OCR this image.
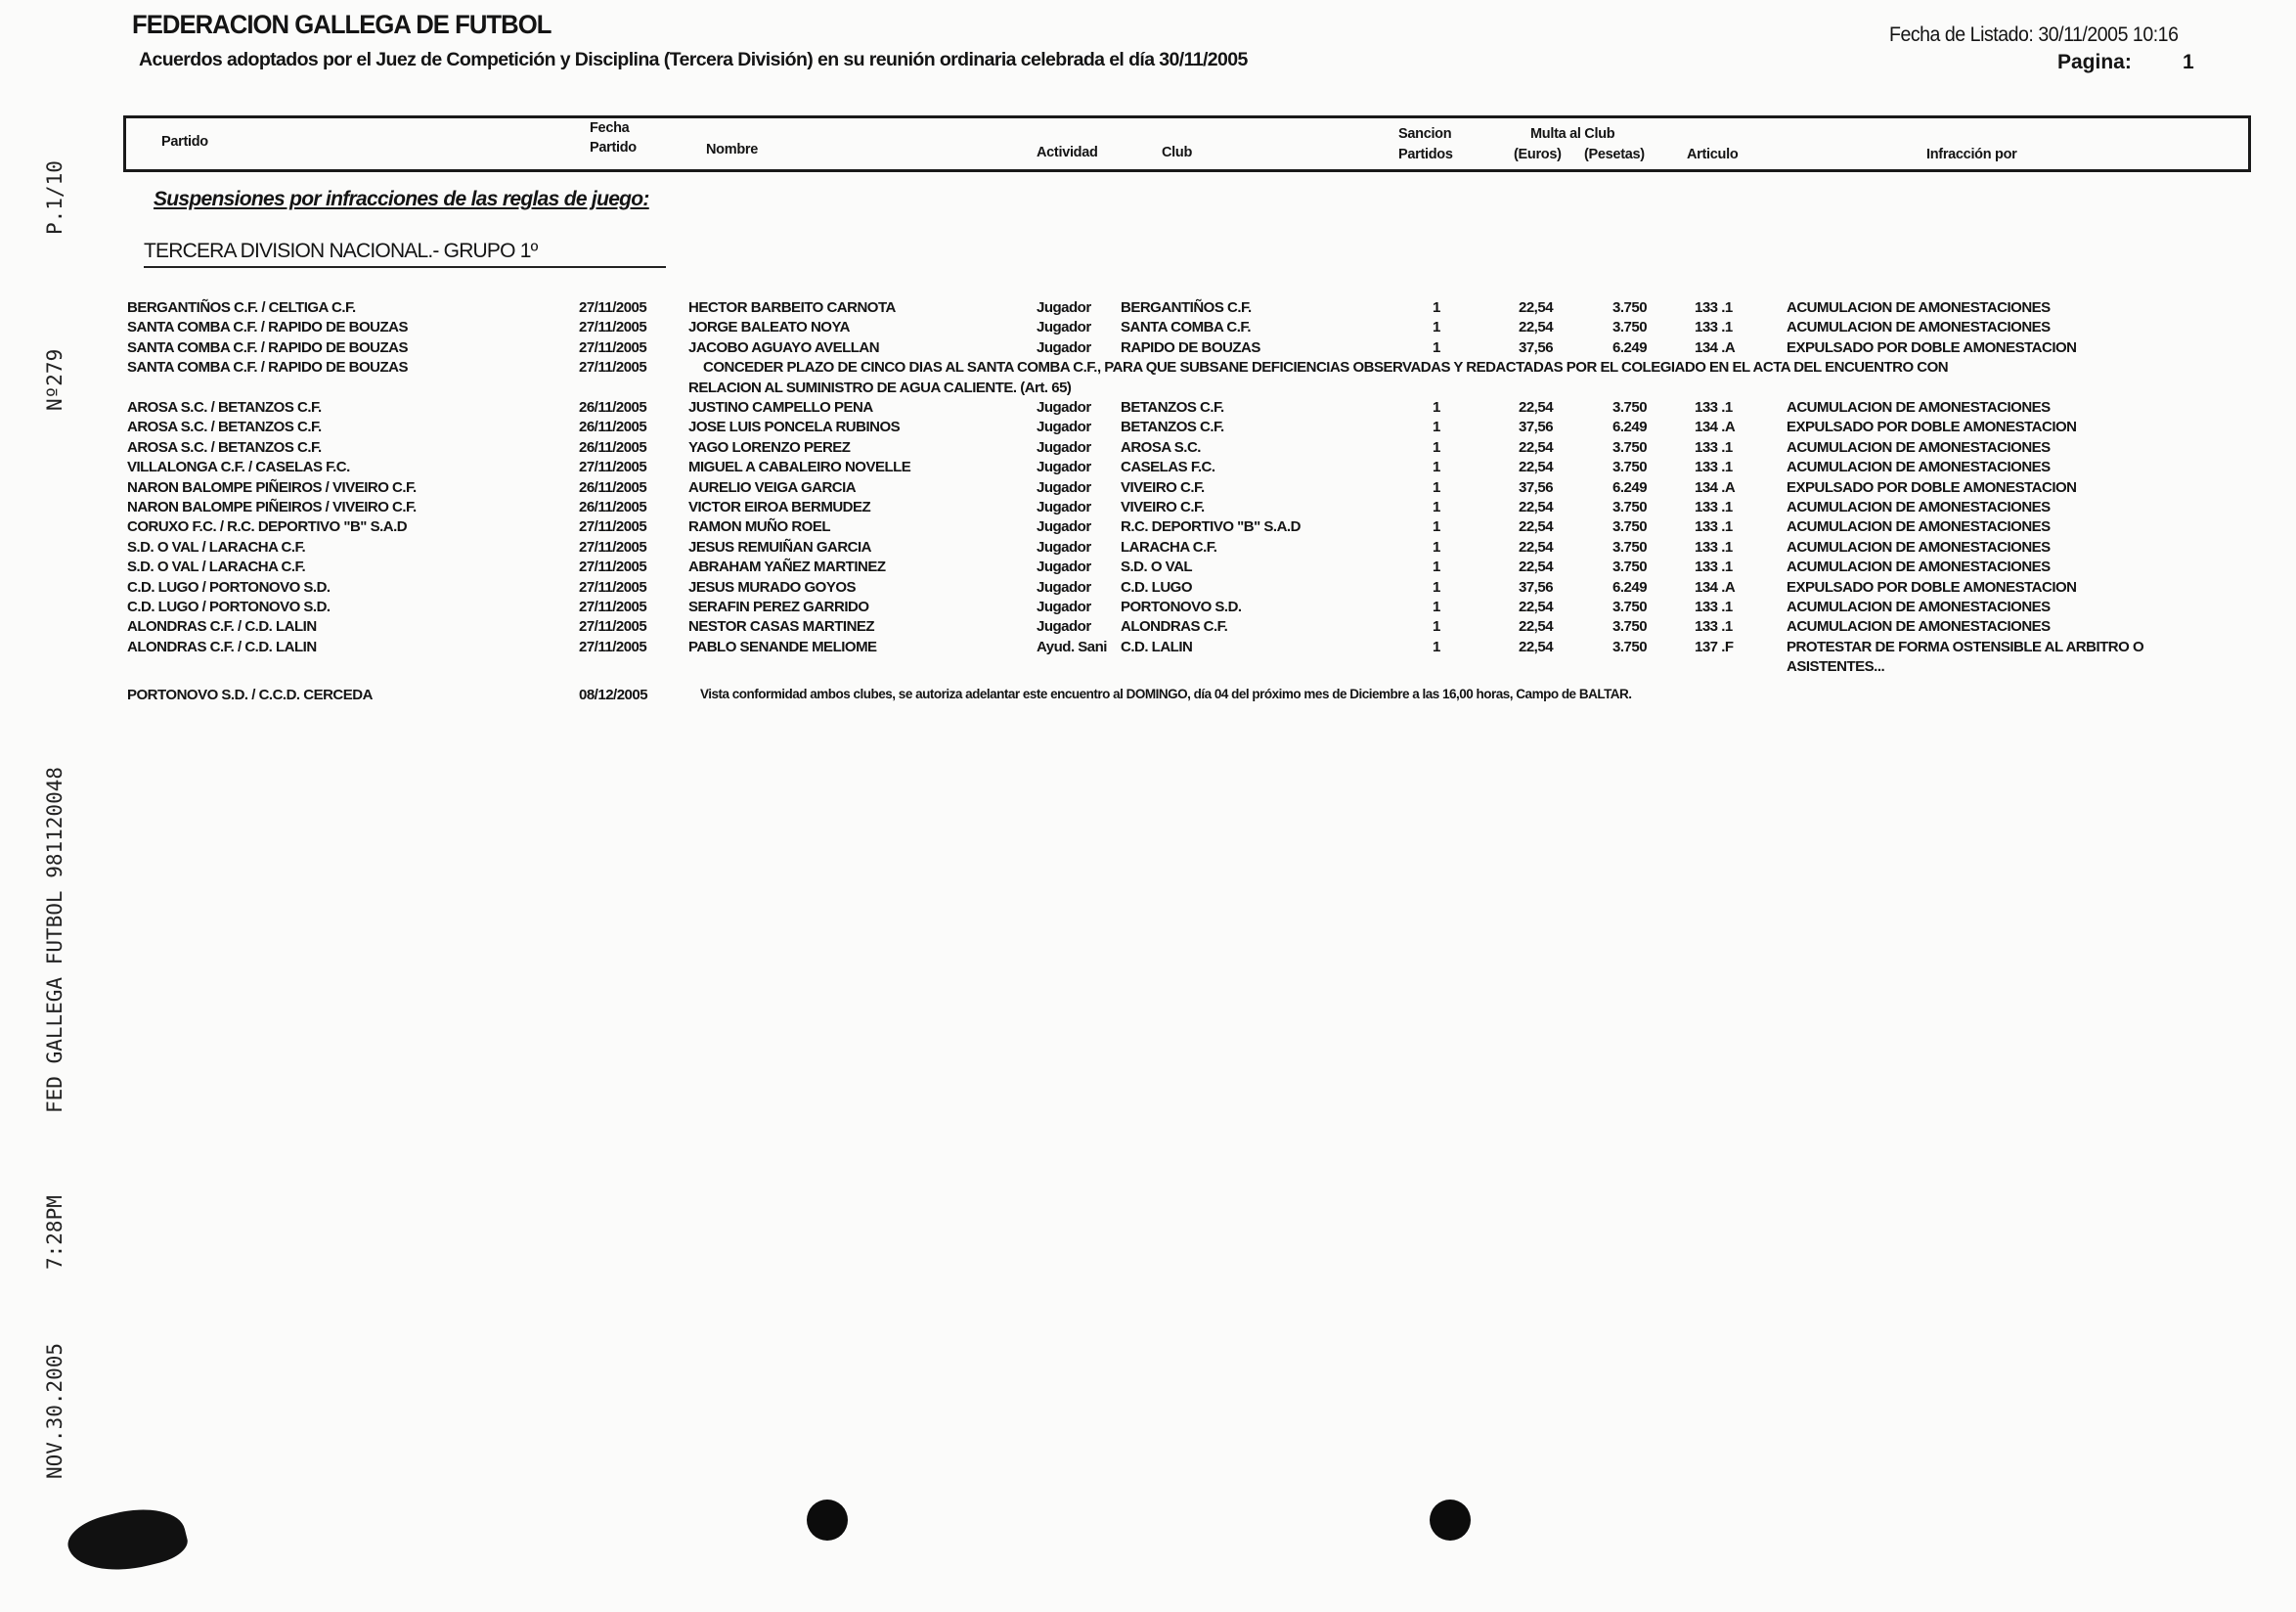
FEDERACION GALLEGA DE FUTBOL
Acuerdos adoptados por el Juez de Competición y Disciplina (Tercera División) en su reunión ordinaria celebrada el día 30/11/2005
Fecha de Listado: 30/11/2005 10:16
Pagina: 1
Partido
Fecha
Partido	Nombre	Actividad	Club
Sancion
Partidos
Multa al Club
(Euros) (Pesetas)	Articulo	Infracción por
Suspensiones por infracciones de las reglas de juego:
TERCERA DIVISION NACIONAL.- GRUPO 1º
BERGANTIÑOS C.F. / CELTIGA C.F.	27/11/2005	HECTOR BARBEITO CARNOTA	Jugador BERGANTIÑOS C.F.	1	22,54	3.750	133 .1	ACUMULACION DE AMONESTACIONES
SANTA COMBA C.F. / RAPIDO DE BOUZAS	27/11/2005	JORGE BALEATO NOYA	Jugador SANTA COMBA C.F.	1	22,54	3.750	133 .1	ACUMULACION DE AMONESTACIONES
SANTA COMBA C.F. / RAPIDO DE BOUZAS	27/11/2005	JACOBO AGUAYO AVELLAN	Jugador RAPIDO DE BOUZAS	1	37,56	6.249	134 .A	EXPULSADO POR DOBLE AMONESTACION
SANTA COMBA C.F. / RAPIDO DE BOUZAS	27/11/2005	CONCEDER PLAZO DE CINCO DIAS AL SANTA COMBA C.F., PARA QUE SUBSANE DEFICIENCIAS OBSERVADAS Y REDACTADAS POR EL COLEGIADO EN EL ACTA DEL ENCUENTRO CON
RELACION AL SUMINISTRO DE AGUA CALIENTE. (Art. 65)
AROSA S.C. / BETANZOS C.F.	26/11/2005	JUSTINO CAMPELLO PENA	Jugador BETANZOS C.F.	1	22,54	3.750	133 .1	ACUMULACION DE AMONESTACIONES
AROSA S.C. / BETANZOS C.F.	26/11/2005	JOSE LUIS PONCELA RUBINOS	Jugador BETANZOS C.F.	1	37,56	6.249	134 .A	EXPULSADO POR DOBLE AMONESTACION
AROSA S.C. / BETANZOS C.F.	26/11/2005	YAGO LORENZO PEREZ	Jugador AROSA S.C.	1	22,54	3.750	133 .1	ACUMULACION DE AMONESTACIONES
VILLALONGA C.F. / CASELAS F.C.	27/11/2005	MIGUEL A CABALEIRO NOVELLE	Jugador CASELAS F.C.	1	22,54	3.750	133 .1	ACUMULACION DE AMONESTACIONES
NARON BALOMPE PIÑEIROS / VIVEIRO C.F.	26/11/2005	AURELIO VEIGA GARCIA	Jugador VIVEIRO C.F.	1	37,56	6.249	134 .A	EXPULSADO POR DOBLE AMONESTACION
NARON BALOMPE PIÑEIROS / VIVEIRO C.F.	26/11/2005	VICTOR EIROA BERMUDEZ	Jugador VIVEIRO C.F.	1	22,54	3.750	133 .1	ACUMULACION DE AMONESTACIONES
CORUXO F.C. / R.C. DEPORTIVO "B" S.A.D	27/11/2005	RAMON MUÑO ROEL	Jugador R.C. DEPORTIVO "B" S.A.D	1	22,54	3.750	133 .1	ACUMULACION DE AMONESTACIONES
S.D. O VAL / LARACHA C.F.	27/11/2005	JESUS REMUIÑAN GARCIA	Jugador LARACHA C.F.	1	22,54	3.750	133 .1	ACUMULACION DE AMONESTACIONES
S.D. O VAL / LARACHA C.F.	27/11/2005	ABRAHAM YAÑEZ MARTINEZ	Jugador S.D. O VAL	1	22,54	3.750	133 .1	ACUMULACION DE AMONESTACIONES
C.D. LUGO / PORTONOVO S.D.	27/11/2005	JESUS MURADO GOYOS	Jugador C.D. LUGO	1	37,56	6.249	134 .A	EXPULSADO POR DOBLE AMONESTACION
C.D. LUGO / PORTONOVO S.D.	27/11/2005	SERAFIN PEREZ GARRIDO	Jugador PORTONOVO S.D.	1	22,54	3.750	133 .1	ACUMULACION DE AMONESTACIONES
ALONDRAS C.F. / C.D. LALIN	27/11/2005	NESTOR CASAS MARTINEZ	Jugador ALONDRAS C.F.	1	22,54	3.750	133 .1	ACUMULACION DE AMONESTACIONES
ALONDRAS C.F. / C.D. LALIN	27/11/2005	PABLO SENANDE MELIOME	Ayud. Sani C.D. LALIN	1	22,54	3.750	137 .F	PROTESTAR DE FORMA OSTENSIBLE AL ARBITRO O
ASISTENTES...
PORTONOVO S.D. / C.C.D. CERCEDA	08/12/2005	Vista conformidad ambos clubes, se autoriza adelantar este encuentro al DOMINGO, día 04 del próximo mes de Diciembre a las 16,00 horas, Campo de BALTAR.
NOV.30.2005
7:28PM
FED GALLEGA FUTBOL 981120048
Nº279
P.1/10
